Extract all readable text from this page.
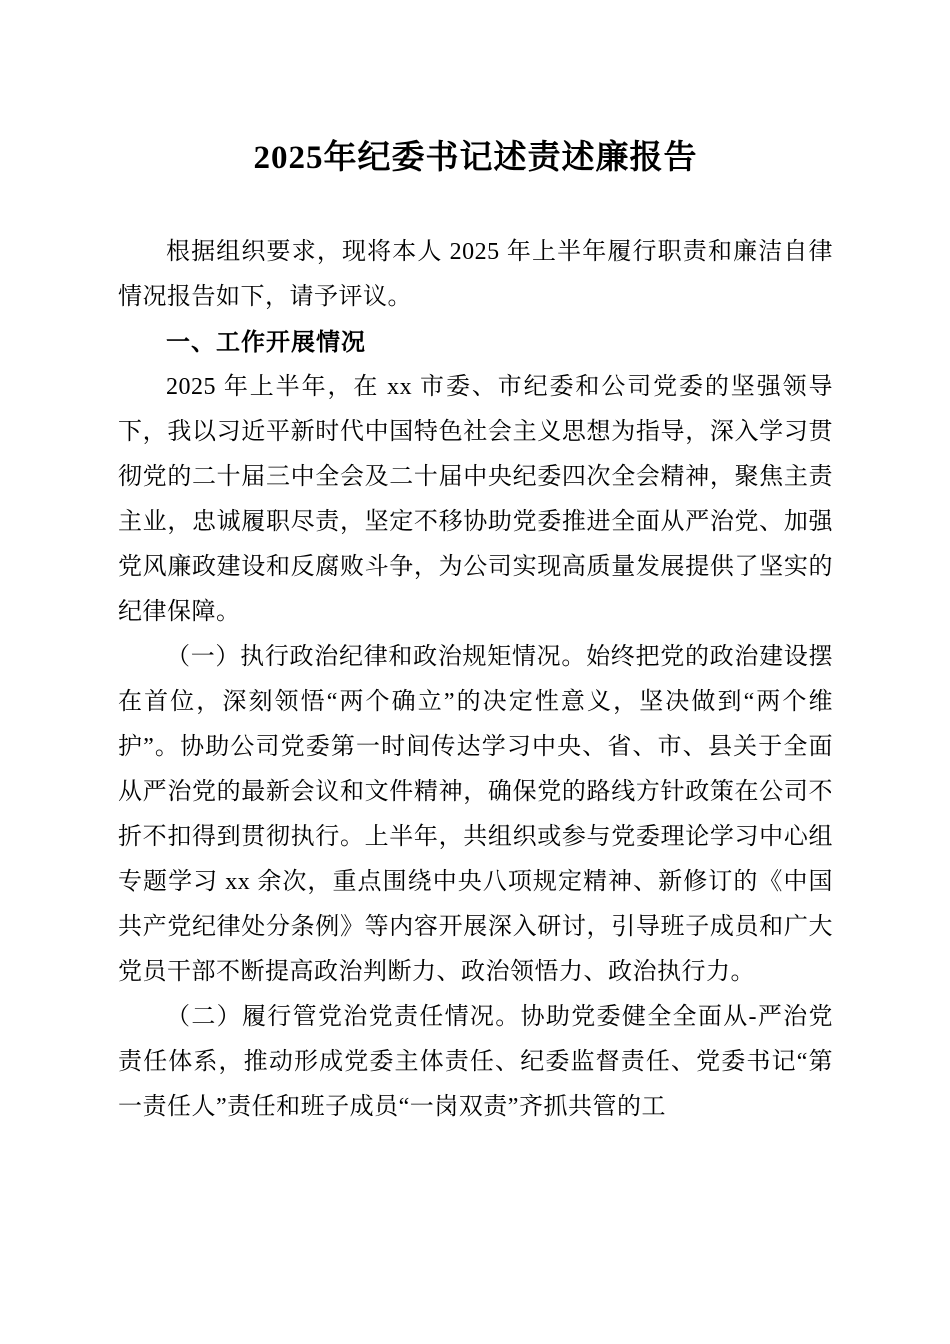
2025年纪委书记述责述廉报告

根据组织要求，现将本人 2025 年上半年履行职责和廉洁自律情况报告如下，请予评议。

一、工作开展情况

2025 年上半年，在 xx 市委、市纪委和公司党委的坚强领导下，我以习近平新时代中国特色社会主义思想为指导，深入学习贯彻党的二十届三中全会及二十届中央纪委四次全会精神，聚焦主责主业，忠诚履职尽责，坚定不移协助党委推进全面从严治党、加强党风廉政建设和反腐败斗争，为公司实现高质量发展提供了坚实的纪律保障。

（一）执行政治纪律和政治规矩情况。始终把党的政治建设摆在首位，深刻领悟“两个确立”的决定性意义，坚决做到“两个维护”。协助公司党委第一时间传达学习中央、省、市、县关于全面从严治党的最新会议和文件精神，确保党的路线方针政策在公司不折不扣得到贯彻执行。上半年，共组织或参与党委理论学习中心组专题学习 xx 余次，重点围绕中央八项规定精神、新修订的《中国共产党纪律处分条例》等内容开展深入研讨，引导班子成员和广大党员干部不断提高政治判断力、政治领悟力、政治执行力。

（二）履行管党治党责任情况。协助党委健全全面从-严治党责任体系，推动形成党委主体责任、纪委监督责任、党委书记“第一责任人”责任和班子成员“一岗双责”齐抓共管的工
